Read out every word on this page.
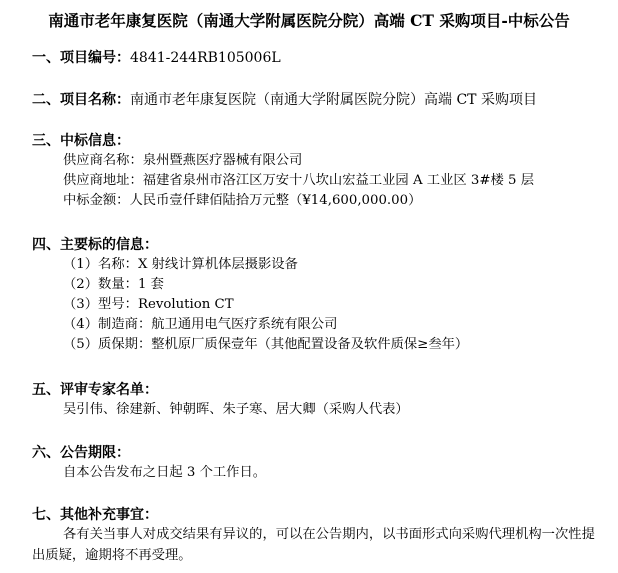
南通市老年康复医院（南通大学附属医院分院）高端 CT 采购项目-中标公告
一、项目编号：4841-244RB105006L
二、项目名称：南通市老年康复医院（南通大学附属医院分院）高端 CT 采购项目
三、中标信息：
供应商名称：泉州暨燕医疗器械有限公司
供应商地址：福建省泉州市洛江区万安十八坎山宏益工业园 A 工业区 3#楼 5 层
中标金额：人民币壹仟肆佰陆拾万元整（¥14,600,000.00）
四、主要标的信息：
（1）名称：X 射线计算机体层摄影设备
（2）数量：1 套
（3）型号：Revolution CT
（4）制造商：航卫通用电气医疗系统有限公司
（5）质保期：整机原厂质保壹年（其他配置设备及软件质保≥叁年）
五、评审专家名单：
吴引伟、徐建新、钟朝晖、朱子寒、居大卿（采购人代表）
六、公告期限：
自本公告发布之日起 3 个工作日。
七、其他补充事宜：
各有关当事人对成交结果有异议的，可以在公告期内，以书面形式向采购代理机构一次性提出质疑，逾期将不再受理。
